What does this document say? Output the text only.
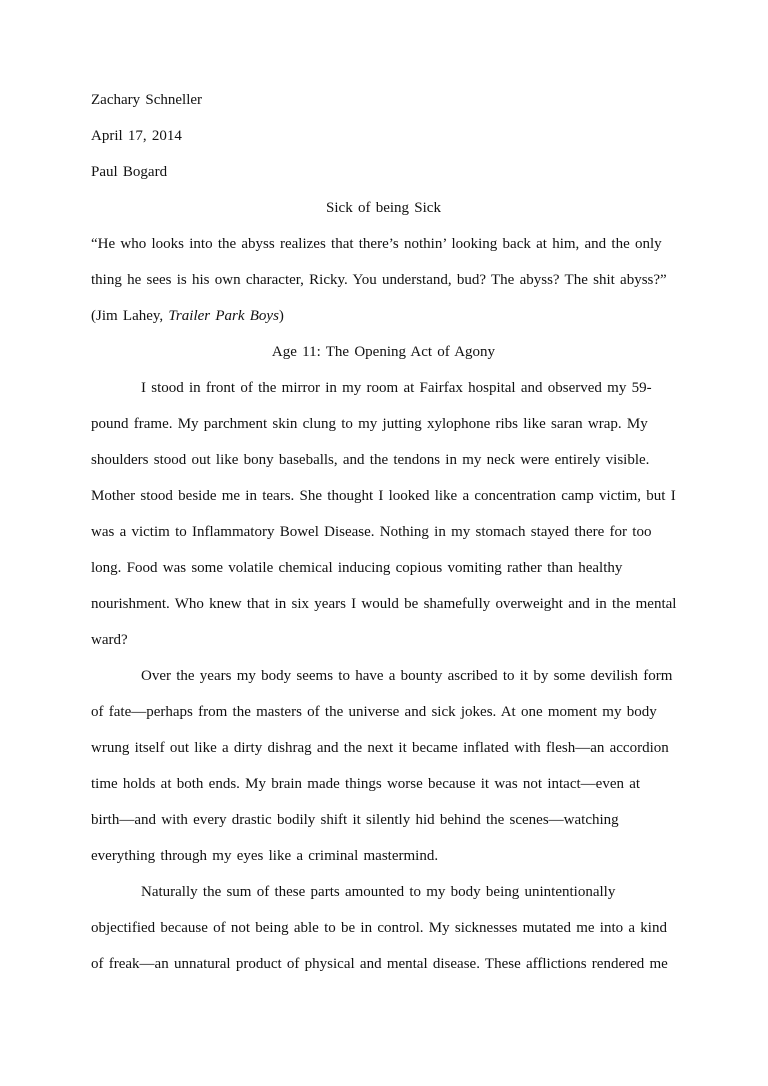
Zachary Schneller
April 17, 2014
Paul Bogard
Sick of being Sick
“He who looks into the abyss realizes that there’s nothin’ looking back at him, and the only
thing he sees is his own character, Ricky. You understand, bud? The abyss? The shit abyss?”
(Jim Lahey, Trailer Park Boys)
Age 11: The Opening Act of Agony
I stood in front of the mirror in my room at Fairfax hospital and observed my 59-
pound frame. My parchment skin clung to my jutting xylophone ribs like saran wrap. My
shoulders stood out like bony baseballs, and the tendons in my neck were entirely visible.
Mother stood beside me in tears. She thought I looked like a concentration camp victim, but I
was a victim to Inflammatory Bowel Disease. Nothing in my stomach stayed there for too
long. Food was some volatile chemical inducing copious vomiting rather than healthy
nourishment. Who knew that in six years I would be shamefully overweight and in the mental
ward?
Over the years my body seems to have a bounty ascribed to it by some devilish form
of fate—perhaps from the masters of the universe and sick jokes. At one moment my body
wrung itself out like a dirty dishrag and the next it became inflated with flesh—an accordion
time holds at both ends. My brain made things worse because it was not intact—even at
birth—and with every drastic bodily shift it silently hid behind the scenes—watching
everything through my eyes like a criminal mastermind.
Naturally the sum of these parts amounted to my body being unintentionally
objectified because of not being able to be in control. My sicknesses mutated me into a kind
of freak—an unnatural product of physical and mental disease. These afflictions rendered me
